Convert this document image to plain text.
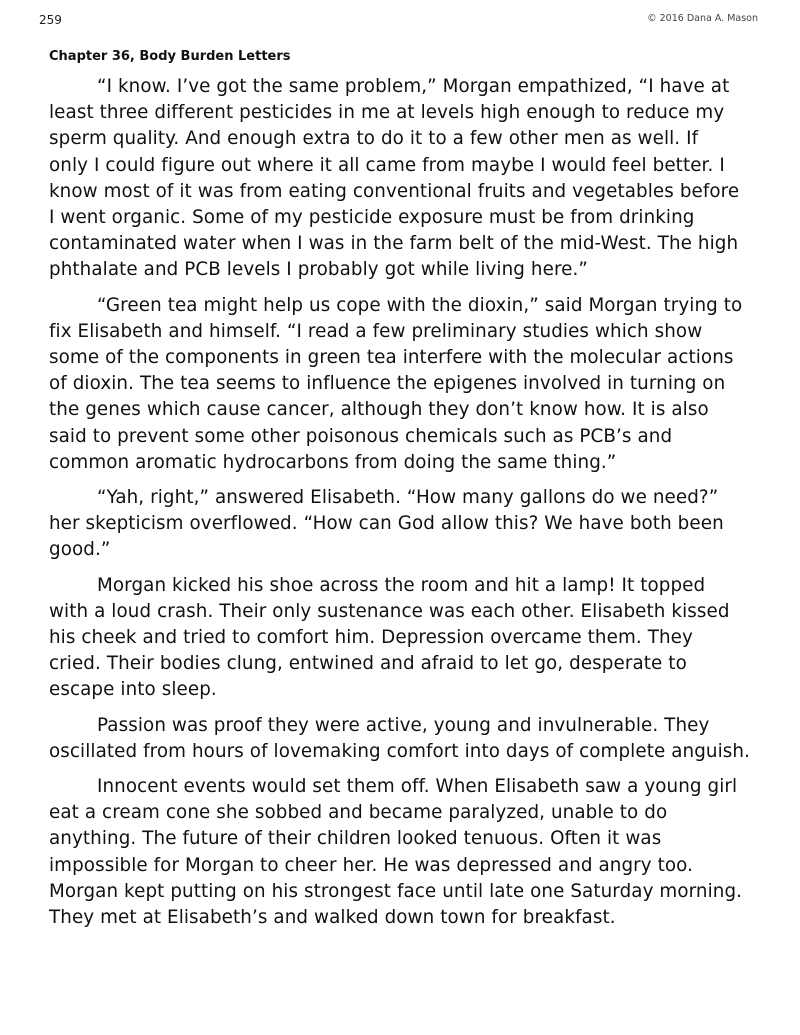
259	© 2016 Dana A. Mason
Chapter 36, Body Burden Letters

“I know. I’ve got the same problem,” Morgan empathized, “I have at
least three different pesticides in me at levels high enough to reduce my
sperm quality. And enough extra to do it to a few other men as well. If
only I could figure out where it all came from maybe I would feel better. I
know most of it was from eating conventional fruits and vegetables before
I went organic. Some of my pesticide exposure must be from drinking
contaminated water when I was in the farm belt of the mid-West. The high
phthalate and PCB levels I probably got while living here.”

“Green tea might help us cope with the dioxin,” said Morgan trying to
fix Elisabeth and himself. “I read a few preliminary studies which show
some of the components in green tea interfere with the molecular actions
of dioxin. The tea seems to influence the epigenes involved in turning on
the genes which cause cancer, although they don’t know how. It is also
said to prevent some other poisonous chemicals such as PCB’s and
common aromatic hydrocarbons from doing the same thing.”

“Yah, right,” answered Elisabeth. “How many gallons do we need?”
her skepticism overflowed. “How can God allow this? We have both been
good.”

Morgan kicked his shoe across the room and hit a lamp! It topped
with a loud crash. Their only sustenance was each other. Elisabeth kissed
his cheek and tried to comfort him. Depression overcame them. They
cried. Their bodies clung, entwined and afraid to let go, desperate to
escape into sleep.

Passion was proof they were active, young and invulnerable. They
oscillated from hours of lovemaking comfort into days of complete anguish.

Innocent events would set them off. When Elisabeth saw a young girl
eat a cream cone she sobbed and became paralyzed, unable to do
anything. The future of their children looked tenuous. Often it was
impossible for Morgan to cheer her. He was depressed and angry too.
Morgan kept putting on his strongest face until late one Saturday morning.
They met at Elisabeth’s and walked down town for breakfast.
